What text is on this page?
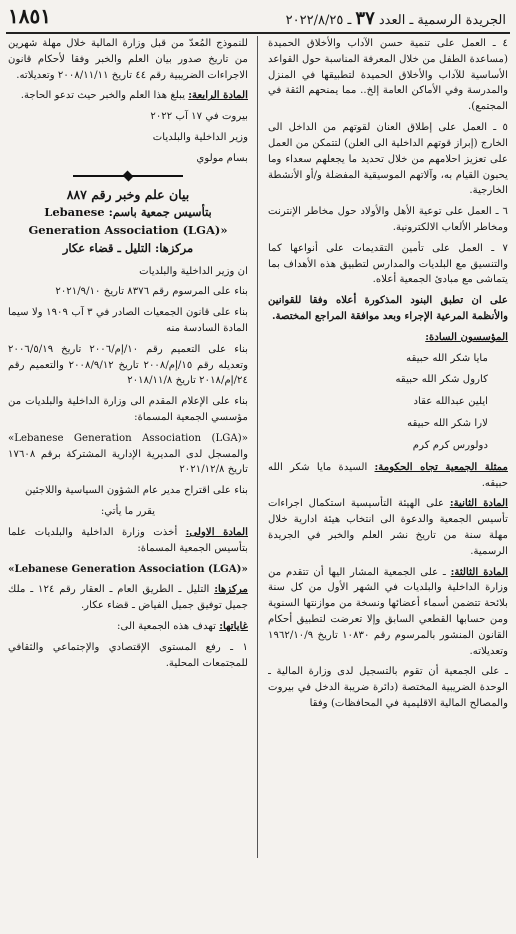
الجريدة الرسمية ـ العدد ٣٧ ـ ٢٠٢٢/٨/٢٥
١٨٥١

٤ ـ العمل على تنمية حسن الآداب والأخلاق الحميدة (مساعدة الطفل من خلال المعرفة المناسبة حول القواعد الأساسية للآداب والأخلاق الحميدة لتطبيقها في المنزل والمدرسة وفي الأماكن العامة إلخ.. مما يمنحهم الثقة في المجتمع).

٥ ـ العمل على إطلاق العنان لقوتهم من الداخل الى الخارج (إبراز قوتهم الداخلية الى العلن) لتتمكن من العمل على تعزيز احلامهم من خلال تحديد ما يجعلهم سعداء وما يحبون القيام به، وآلاتهم الموسيقية المفضلة و/أو الأنشطة الخارجية.

٦ ـ العمل على توعية الأهل والأولاد حول مخاطر الإنترنت ومخاطر الألعاب الالكترونية.

٧ ـ العمل على تأمين التقديمات على أنواعها كما والتنسيق مع البلديات والمدارس لتطبيق هذه الأهداف بما يتماشى مع مبادئ الجمعية أعلاه.

على ان تطبق البنود المذكورة أعلاه وفقا للقوانين والأنظمة المرعية الإجراء وبعد موافقة المراجع المختصة.

المؤسسون السادة:

مايا شكر الله حبيقه
كارول شكر الله حبيقه
ايلين عبدالله عقاد
لارا شكر الله حبيقه
دولورس كرم كرم

ممثلة الجمعية تجاه الحكومة: السيدة مايا شكر الله حبيقه.

المادة الثانية: على الهيئة التأسيسية استكمال اجراءات تأسيس الجمعية والدعوة الى انتخاب هيئة ادارية خلال مهلة سنة من تاريخ نشر العلم والخبر في الجريدة الرسمية.

المادة الثالثة: ـ على الجمعية المشار اليها أن تتقدم من وزارة الداخلية والبلديات في الشهر الأول من كل سنة بلائحة تتضمن أسماء أعضائها ونسخة من موازنتها السنوية ومن حسابها القطعي السابق وإلا تعرضت لتطبيق أحكام القانون المنشور بالمرسوم رقم ١٠٨٣٠ تاريخ ١٩٦٢/١٠/٩ وتعديلاته.

ـ على الجمعية أن تقوم بالتسجيل لدى وزارة المالية ـ الوحدة الضريبية المختصة (دائرة ضريبة الدخل في بيروت والمصالح المالية الاقليمية في المحافظات) وفقا

للنموذج المُعدّ من قبل وزارة المالية خلال مهلة شهرين من تاريخ صدور بيان العلم والخبر وفقا لأحكام قانون الاجراءات الضريبية رقم ٤٤ تاريخ ٢٠٠٨/١١/١١ وتعديلاته.

المادة الرابعة: يبلغ هذا العلم والخبر حيث تدعو الحاجة.

بيروت في ١٧ آب ٢٠٢٢

وزير الداخلية والبلديات

بسام مولوي

بيان علم وخبر رقم ٨٨٧
بتأسيس جمعية باسم: Lebanese
Generation Association (LGA)»
مركزها: التليل ـ قضاء عكار

ان وزير الداخلية والبلديات

بناء على المرسوم رقم ٨٣٧٦ تاريخ ٢٠٢١/٩/١٠

بناء على قانون الجمعيات الصادر في ٣ آب ١٩٠٩ ولا سيما المادة السادسة منه

بناء على التعميم رقم ١٠/إم/٢٠٠٦ تاريخ ٢٠٠٦/٥/١٩ وتعديله رقم ١٥/إم/٢٠٠٨ تاريخ ٢٠٠٨/٩/١٢ والتعميم رقم ٢٤/إم/٢٠١٨ تاريخ ٢٠١٨/١١/٨

بناء على الإعلام المقدم الى وزارة الداخلية والبلديات من مؤسسي الجمعية المسماة:

«Lebanese Generation Association (LGA)» والمسجل لدى المديرية الإدارية المشتركة برقم ١٧٦٠٨ تاريخ ٢٠٢١/١٢/٨

بناء على اقتراح مدير عام الشؤون السياسية واللاجئين

يقرر ما يأتي:

المادة الاولى: أخذت وزارة الداخلية والبلديات علما بتأسيس الجمعية المسماة:

«Lebanese Generation Association (LGA)»

مركزها: التليل ـ الطريق العام ـ العقار رقم ١٢٤ ـ ملك جميل توفيق جميل الفياض ـ قضاء عكار.

غاياتها: تهدف هذه الجمعية الى:

١ ـ رفع المستوى الإقتصادي والإجتماعي والثقافي للمجتمعات المحلية.
